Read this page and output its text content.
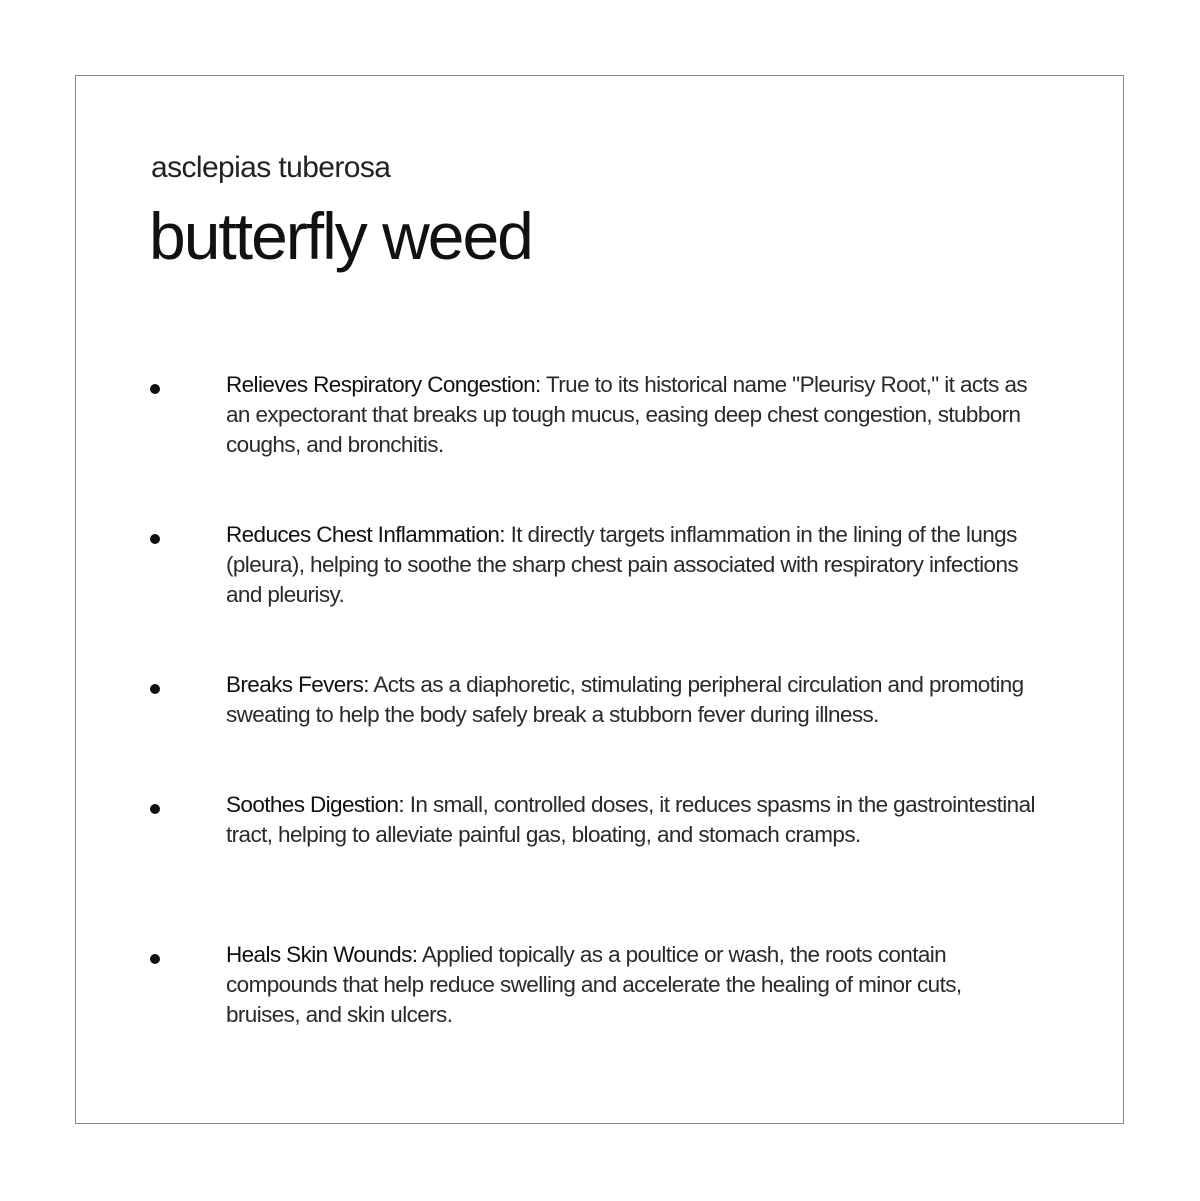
asclepias tuberosa
butterfly weed
Relieves Respiratory Congestion: True to its historical name "Pleurisy Root," it acts as an expectorant that breaks up tough mucus, easing deep chest congestion, stubborn coughs, and bronchitis.
Reduces Chest Inflammation: It directly targets inflammation in the lining of the lungs (pleura), helping to soothe the sharp chest pain associated with respiratory infections and pleurisy.
Breaks Fevers: Acts as a diaphoretic, stimulating peripheral circulation and promoting sweating to help the body safely break a stubborn fever during illness.
Soothes Digestion: In small, controlled doses, it reduces spasms in the gastrointestinal tract, helping to alleviate painful gas, bloating, and stomach cramps.
Heals Skin Wounds: Applied topically as a poultice or wash, the roots contain compounds that help reduce swelling and accelerate the healing of minor cuts, bruises, and skin ulcers.
